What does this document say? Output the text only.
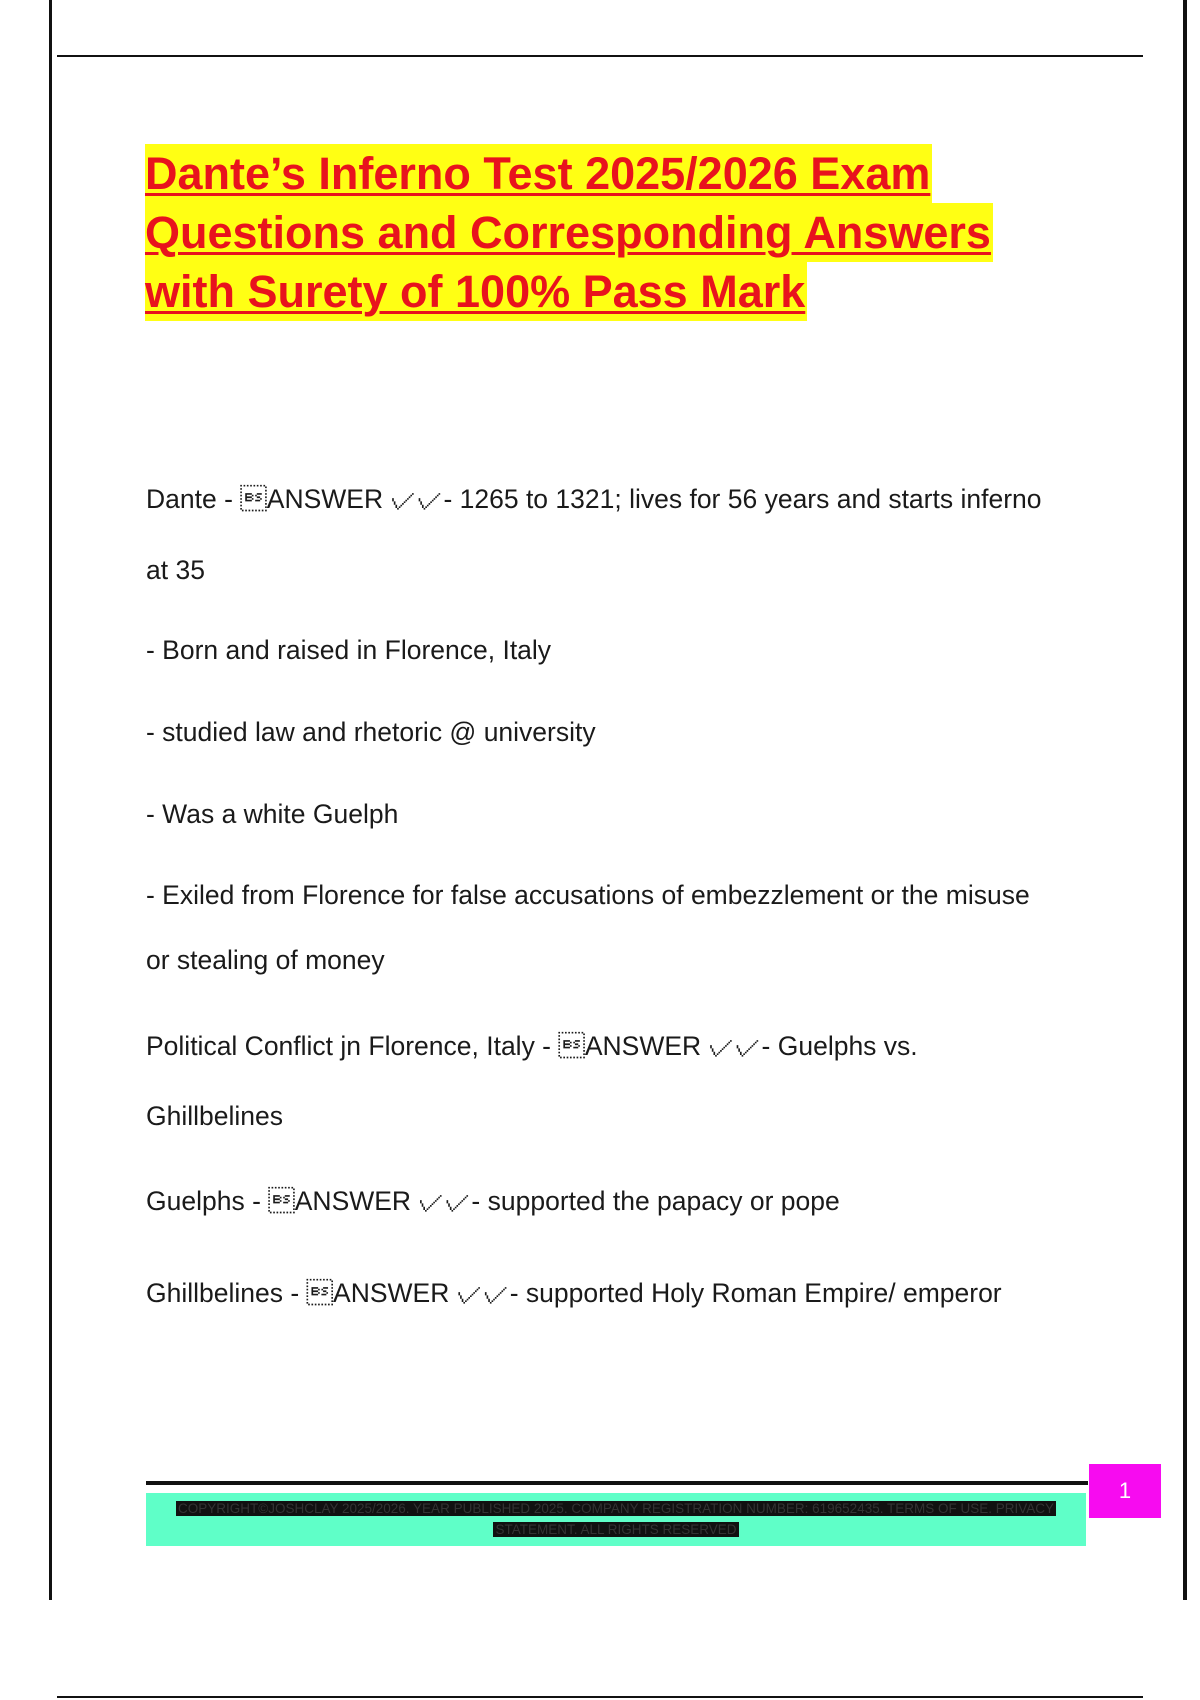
Dante’s Inferno Test 2025/2026 Exam
Questions and Corresponding Answers
with Surety of 100% Pass Mark
Dante - ANSWER ✓✓- 1265 to 1321; lives for 56 years and starts inferno
at 35
- Born and raised in Florence, Italy
- studied law and rhetoric @ university
- Was a white Guelph
- Exiled from Florence for false accusations of embezzlement or the misuse
or stealing of money
Political Conflict jn Florence, Italy - ANSWER ✓✓- Guelphs vs.
Ghillbelines
Guelphs - ANSWER ✓✓- supported the papacy or pope
Ghillbelines - ANSWER ✓✓- supported Holy Roman Empire/ emperor
COPYRIGHT©JOSHCLAY 2025/2026. YEAR PUBLISHED 2025. COMPANY REGISTRATION NUMBER: 619652435. TERMS OF USE. PRIVACY
STATEMENT. ALL RIGHTS RESERVED
1
